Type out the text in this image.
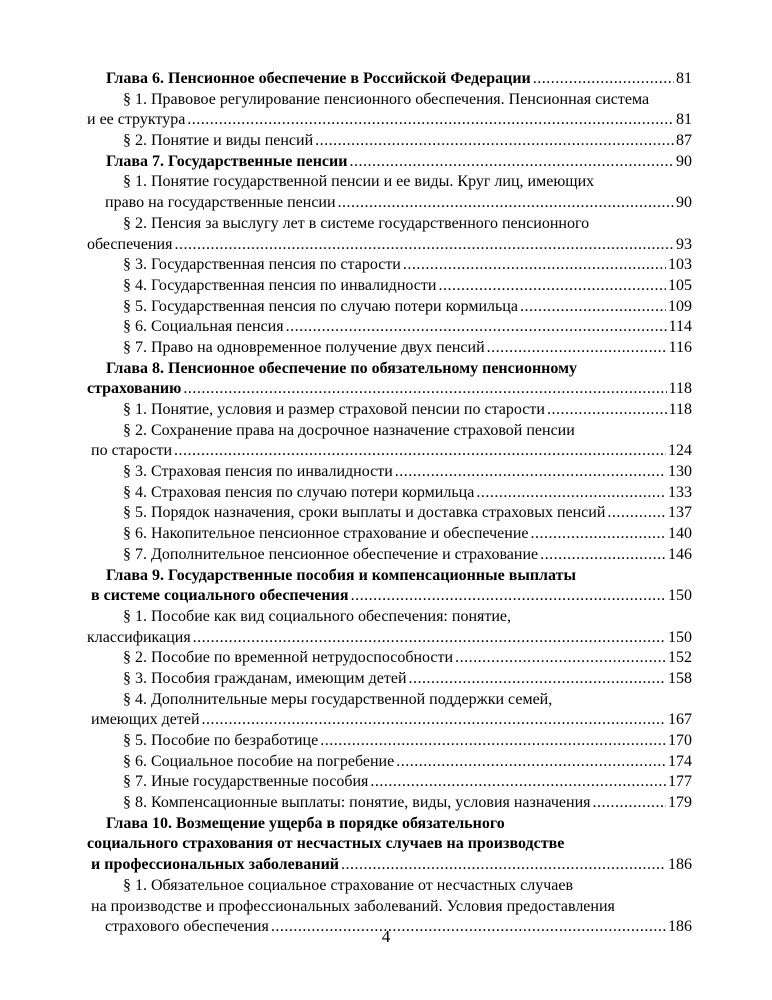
Глава 6. Пенсионное обеспечение в Российской Федерации .....	81
§ 1. Правовое регулирование пенсионного обеспечения. Пенсионная система
и ее структура .....	81
§ 2. Понятие и виды пенсий .....	87
Глава 7. Государственные пенсии .....	90
§ 1. Понятие государственной пенсии и ее виды. Круг лиц, имеющих
право на государственные пенсии .....	90
§ 2. Пенсия за выслугу лет в системе государственного пенсионного
обеспечения .....	93
§ 3. Государственная пенсия по старости .....	103
§ 4. Государственная пенсия по инвалидности .....	105
§ 5. Государственная пенсия по случаю потери кормильца .....	109
§ 6. Социальная пенсия .....	114
§ 7. Право на одновременное получение двух пенсий .....	116
Глава 8. Пенсионное обеспечение по обязательному пенсионному
страхованию .....	118
§ 1. Понятие, условия и размер страховой пенсии по старости .....	118
§ 2. Сохранение права на досрочное назначение страховой пенсии
по старости .....	124
§ 3. Страховая пенсия по инвалидности .....	130
§ 4. Страховая пенсия по случаю потери кормильца .....	133
§ 5. Порядок назначения, сроки выплаты и доставка страховых пенсий .....	137
§ 6. Накопительное пенсионное страхование и обеспечение .....	140
§ 7. Дополнительное пенсионное обеспечение и страхование .....	146
Глава 9. Государственные пособия и компенсационные выплаты
в системе социального обеспечения .....	150
§ 1. Пособие как вид социального обеспечения: понятие,
классификация .....	150
§ 2. Пособие по временной нетрудоспособности .....	152
§ 3. Пособия гражданам, имеющим детей .....	158
§ 4. Дополнительные меры государственной поддержки семей,
имеющих детей .....	167
§ 5. Пособие по безработице .....	170
§ 6. Социальное пособие на погребение .....	174
§ 7. Иные государственные пособия .....	177
§ 8. Компенсационные выплаты: понятие, виды, условия назначения .....	179
Глава 10. Возмещение ущерба в порядке обязательного
социального страхования от несчастных случаев на производстве
и профессиональных заболеваний .....	186
§ 1. Обязательное социальное страхование от несчастных случаев
на производстве и профессиональных заболеваний. Условия предоставления
страхового обеспечения .....	186
4
